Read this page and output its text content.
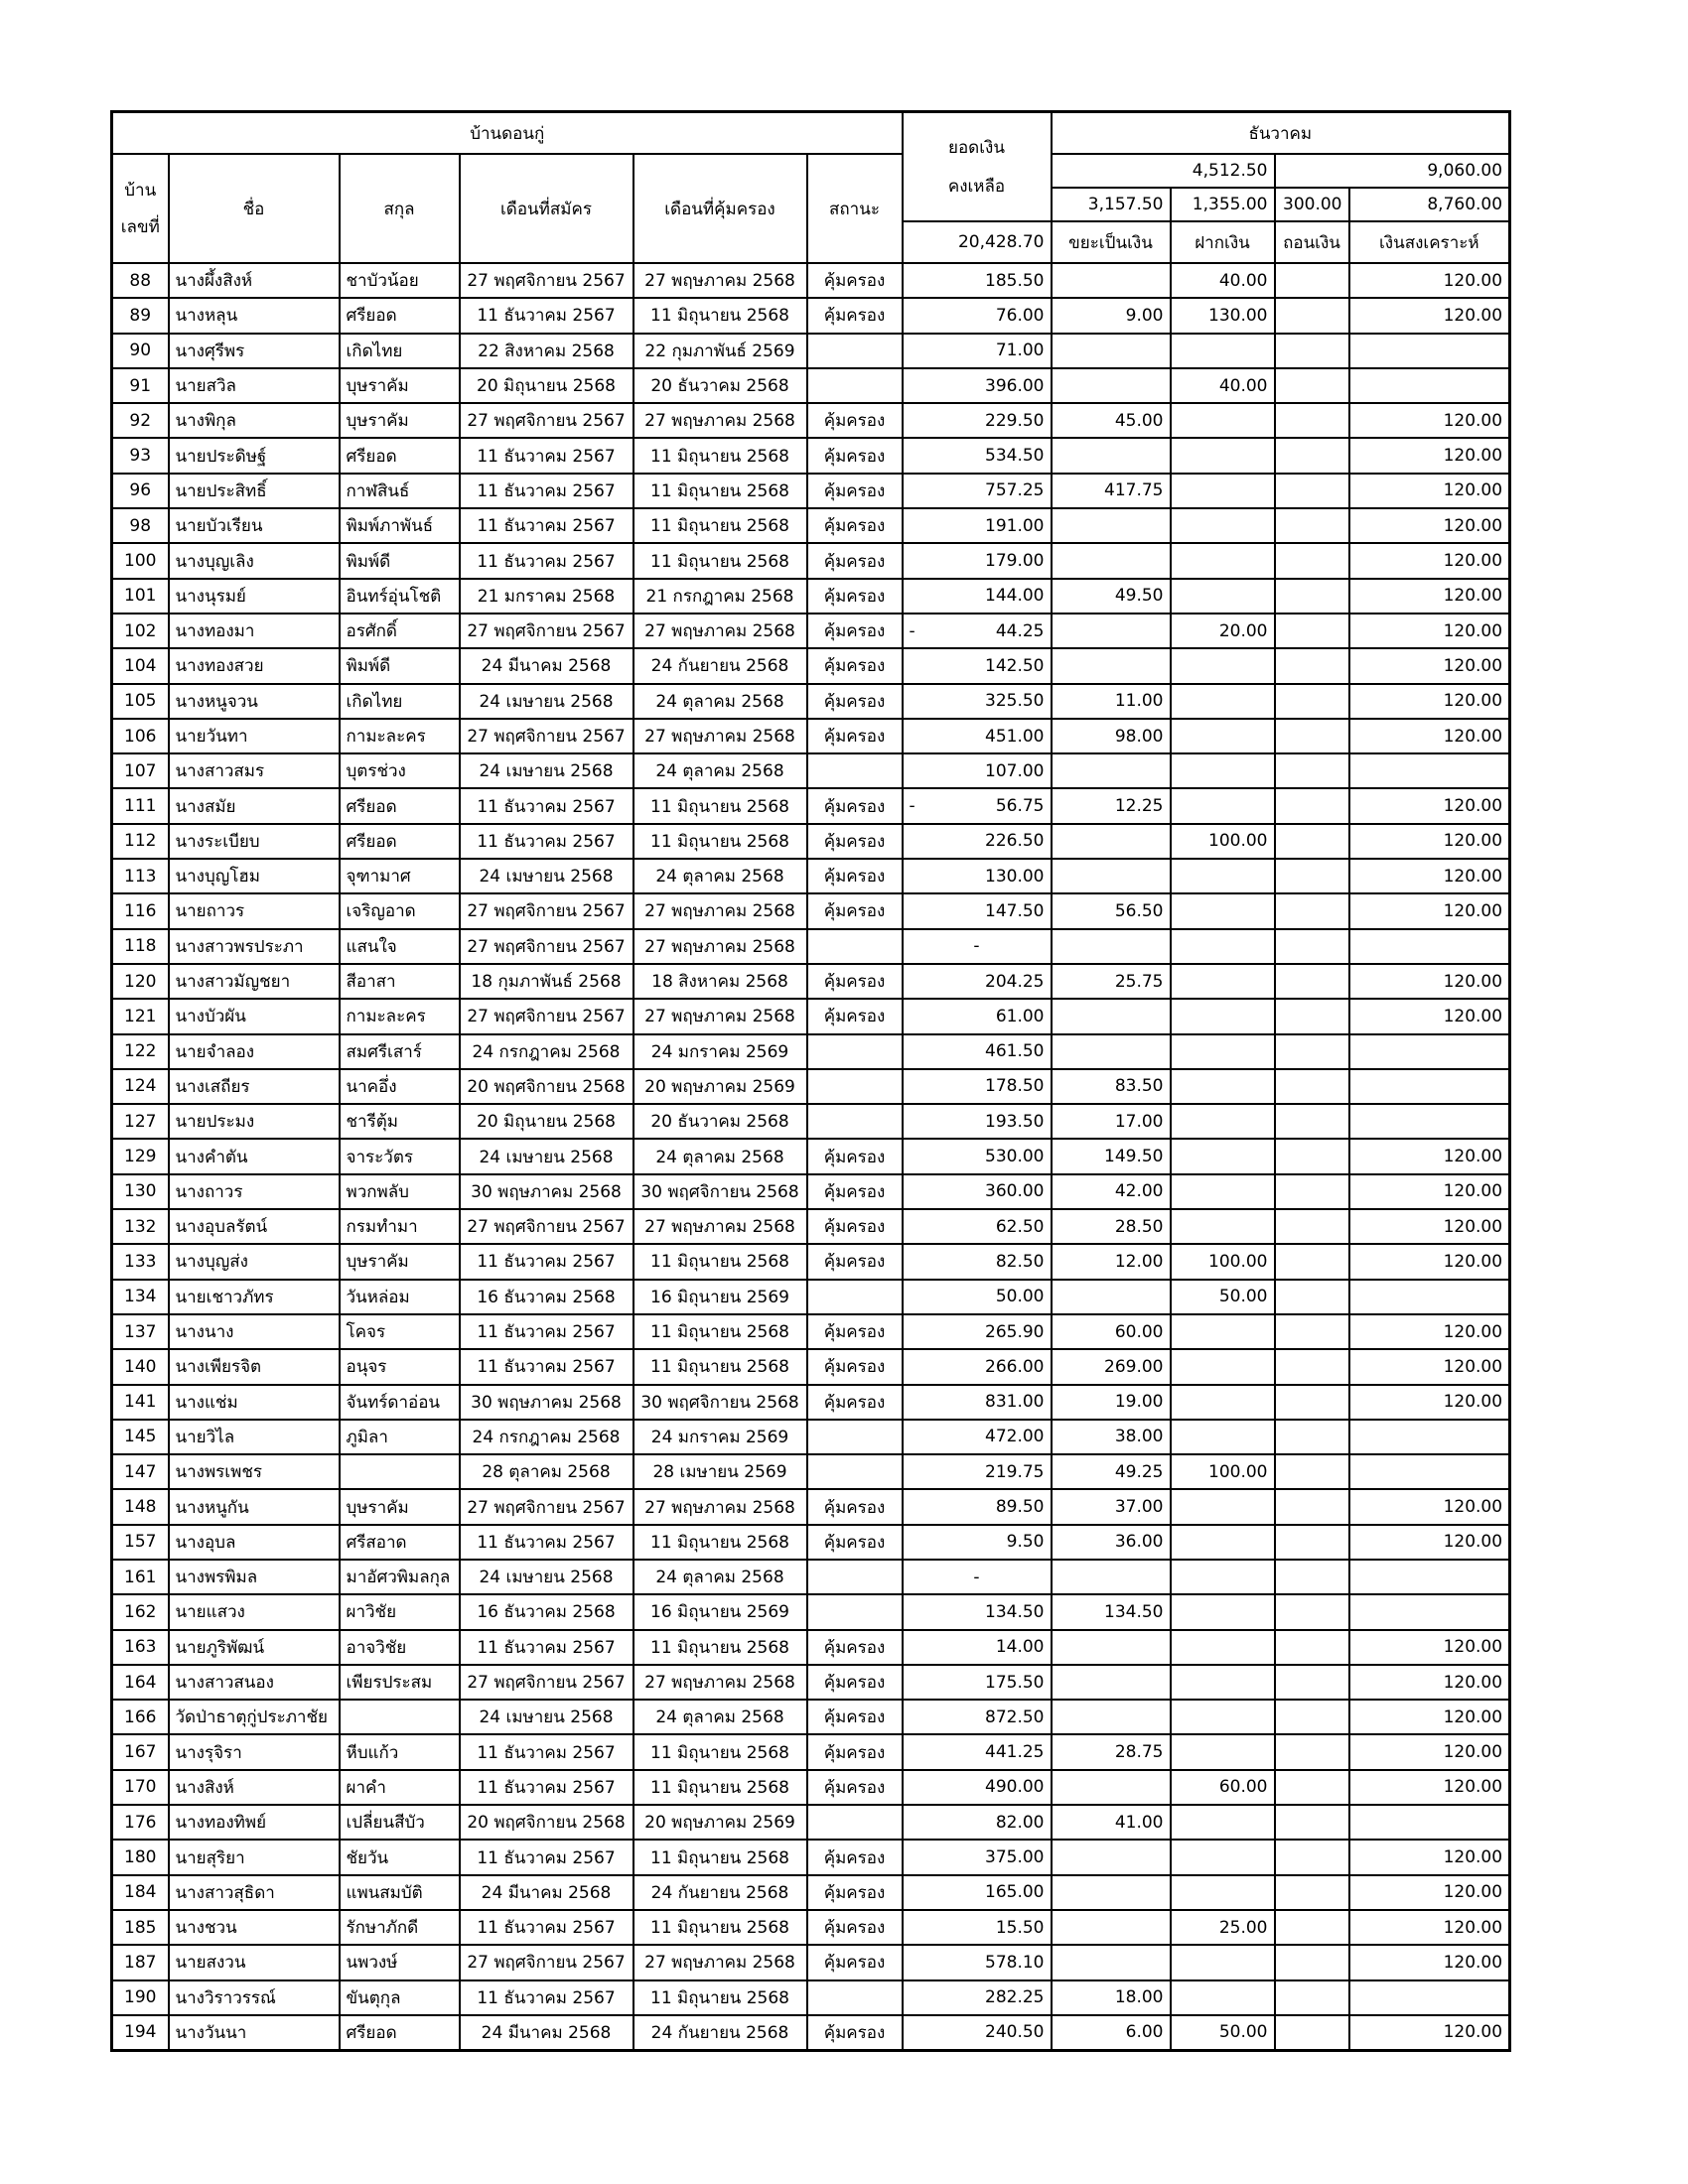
บ้านดอนกู่						ยอดเงิน
คงเหลือ	ธันวาคม			

บ้าน
เลขที่	ชื่อ	สกุล	เดือนที่สมัคร	เดือนที่คุ้มครอง	สถานะ		4,512.50		9,060.00	
							3,157.50	1,355.00	300.00	8,760.00
						20,428.70	ขยะเป็นเงิน	ฝากเงิน	ถอนเงิน	เงินสงเคราะห์
88	นางผึ้งสิงห์	ชาบัวน้อย	27 พฤศจิกายน 2567	27 พฤษภาคม 2568	คุ้มครอง	185.50		40.00		120.00
89	นางหลุน	ศรียอด	11 ธันวาคม 2567	11 มิถุนายน 2568	คุ้มครอง	76.00	9.00	130.00		120.00
90	นางศุรีพร	เกิดไทย	22 สิงหาคม 2568	22 กุมภาพันธ์ 2569		71.00				
91	นายสวิล	บุษราคัม	20 มิถุนายน 2568	20 ธันวาคม 2568		396.00		40.00		
92	นางพิกุล	บุษราคัม	27 พฤศจิกายน 2567	27 พฤษภาคม 2568	คุ้มครอง	229.50	45.00			120.00
93	นายประดิษฐ์	ศรียอด	11 ธันวาคม 2567	11 มิถุนายน 2568	คุ้มครอง	534.50				120.00
96	นายประสิทธิ์	กาฬสินธ์	11 ธันวาคม 2567	11 มิถุนายน 2568	คุ้มครอง	757.25	417.75			120.00
98	นายบัวเรียน	พิมพ์ภาพันธ์	11 ธันวาคม 2567	11 มิถุนายน 2568	คุ้มครอง	191.00				120.00
100	นางบุญเลิง	พิมพ์ดี	11 ธันวาคม 2567	11 มิถุนายน 2568	คุ้มครอง	179.00				120.00
101	นางนุรมย์	อินทร์อุ่นโชติ	21 มกราคม 2568	21 กรกฎาคม 2568	คุ้มครอง	144.00	49.50			120.00
102	นางทองมา	อรศักดิ์	27 พฤศจิกายน 2567	27 พฤษภาคม 2568	คุ้มครอง	- 44.25		20.00		120.00
104	นางทองสวย	พิมพ์ดี	24 มีนาคม 2568	24 กันยายน 2568	คุ้มครอง	142.50				120.00
105	นางหนูจวน	เกิดไทย	24 เมษายน 2568	24 ตุลาคม 2568	คุ้มครอง	325.50	11.00			120.00
106	นายวันทา	กามะละคร	27 พฤศจิกายน 2567	27 พฤษภาคม 2568	คุ้มครอง	451.00	98.00			120.00
107	นางสาวสมร	บุตรช่วง	24 เมษายน 2568	24 ตุลาคม 2568		107.00				
111	นางสมัย	ศรียอด	11 ธันวาคม 2567	11 มิถุนายน 2568	คุ้มครอง	- 56.75	12.25			120.00
112	นางระเบียบ	ศรียอด	11 ธันวาคม 2567	11 มิถุนายน 2568	คุ้มครอง	226.50		100.00		120.00
113	นางบุญโฮม	จุฑามาศ	24 เมษายน 2568	24 ตุลาคม 2568	คุ้มครอง	130.00				120.00
116	นายถาวร	เจริญอาด	27 พฤศจิกายน 2567	27 พฤษภาคม 2568	คุ้มครอง	147.50	56.50			120.00
118	นางสาวพรประภา	แสนใจ	27 พฤศจิกายน 2567	27 พฤษภาคม 2568		-				
120	นางสาวมัญชยา	สีอาสา	18 กุมภาพันธ์ 2568	18 สิงหาคม 2568	คุ้มครอง	204.25	25.75			120.00
121	นางบัวผัน	กามะละคร	27 พฤศจิกายน 2567	27 พฤษภาคม 2568	คุ้มครอง	61.00				120.00
122	นายจำลอง	สมศรีเสาร์	24 กรกฎาคม 2568	24 มกราคม 2569		461.50				
124	นางเสถียร	นาคอึ่ง	20 พฤศจิกายน 2568	20 พฤษภาคม 2569		178.50	83.50			
127	นายประมง	ชารีตุ้ม	20 มิถุนายน 2568	20 ธันวาคม 2568		193.50	17.00			
129	นางคำตัน	จาระวัตร	24 เมษายน 2568	24 ตุลาคม 2568	คุ้มครอง	530.00	149.50			120.00
130	นางถาวร	พวกพลับ	30 พฤษภาคม 2568	30 พฤศจิกายน 2568	คุ้มครอง	360.00	42.00			120.00
132	นางอุบลรัตน์	กรมทำมา	27 พฤศจิกายน 2567	27 พฤษภาคม 2568	คุ้มครอง	62.50	28.50			120.00
133	นางบุญส่ง	บุษราคัม	11 ธันวาคม 2567	11 มิถุนายน 2568	คุ้มครอง	82.50	12.00	100.00		120.00
134	นายเชาวภัทร	วันหล่อม	16 ธันวาคม 2568	16 มิถุนายน 2569		50.00		50.00		
137	นางนาง	โคจร	11 ธันวาคม 2567	11 มิถุนายน 2568	คุ้มครอง	265.90	60.00			120.00
140	นางเพียรจิต	อนุจร	11 ธันวาคม 2567	11 มิถุนายน 2568	คุ้มครอง	266.00	269.00			120.00
141	นางแช่ม	จันทร์ดาอ่อน	30 พฤษภาคม 2568	30 พฤศจิกายน 2568	คุ้มครอง	831.00	19.00			120.00
145	นายวิไล	ภูมิลา	24 กรกฎาคม 2568	24 มกราคม 2569		472.00	38.00			
147	นางพรเพชร		28 ตุลาคม 2568	28 เมษายน 2569		219.75	49.25	100.00		
148	นางหนูกัน	บุษราคัม	27 พฤศจิกายน 2567	27 พฤษภาคม 2568	คุ้มครอง	89.50	37.00			120.00
157	นางอุบล	ศรีสอาด	11 ธันวาคม 2567	11 มิถุนายน 2568	คุ้มครอง	9.50	36.00			120.00
161	นางพรพิมล	มาอัศวพิมลกุล	24 เมษายน 2568	24 ตุลาคม 2568		-				
162	นายแสวง	ผาวิชัย	16 ธันวาคม 2568	16 มิถุนายน 2569		134.50	134.50			
163	นายภูริพัฒน์	อาจวิชัย	11 ธันวาคม 2567	11 มิถุนายน 2568	คุ้มครอง	14.00				120.00
164	นางสาวสนอง	เพียรประสม	27 พฤศจิกายน 2567	27 พฤษภาคม 2568	คุ้มครอง	175.50				120.00
166	วัดป่าธาตุกู่ประภาชัย		24 เมษายน 2568	24 ตุลาคม 2568	คุ้มครอง	872.50				120.00
167	นางรุจิรา	หีบแก้ว	11 ธันวาคม 2567	11 มิถุนายน 2568	คุ้มครอง	441.25	28.75			120.00
170	นางสิงห์	ผาคำ	11 ธันวาคม 2567	11 มิถุนายน 2568	คุ้มครอง	490.00		60.00		120.00
176	นางทองทิพย์	เปลี่ยนสีบัว	20 พฤศจิกายน 2568	20 พฤษภาคม 2569		82.00	41.00			
180	นายสุริยา	ชัยวัน	11 ธันวาคม 2567	11 มิถุนายน 2568	คุ้มครอง	375.00				120.00
184	นางสาวสุธิดา	แพนสมบัติ	24 มีนาคม 2568	24 กันยายน 2568	คุ้มครอง	165.00				120.00
185	นางชวน	รักษาภักดี	11 ธันวาคม 2567	11 มิถุนายน 2568	คุ้มครอง	15.50		25.00		120.00
187	นายสงวน	นพวงษ์	27 พฤศจิกายน 2567	27 พฤษภาคม 2568	คุ้มครอง	578.10				120.00
190	นางวิราวรรณ์	ขันตุกุล	11 ธันวาคม 2567	11 มิถุนายน 2568		282.25	18.00			
194	นางวันนา	ศรียอด	24 มีนาคม 2568	24 กันยายน 2568	คุ้มครอง	240.50	6.00	50.00		120.00
